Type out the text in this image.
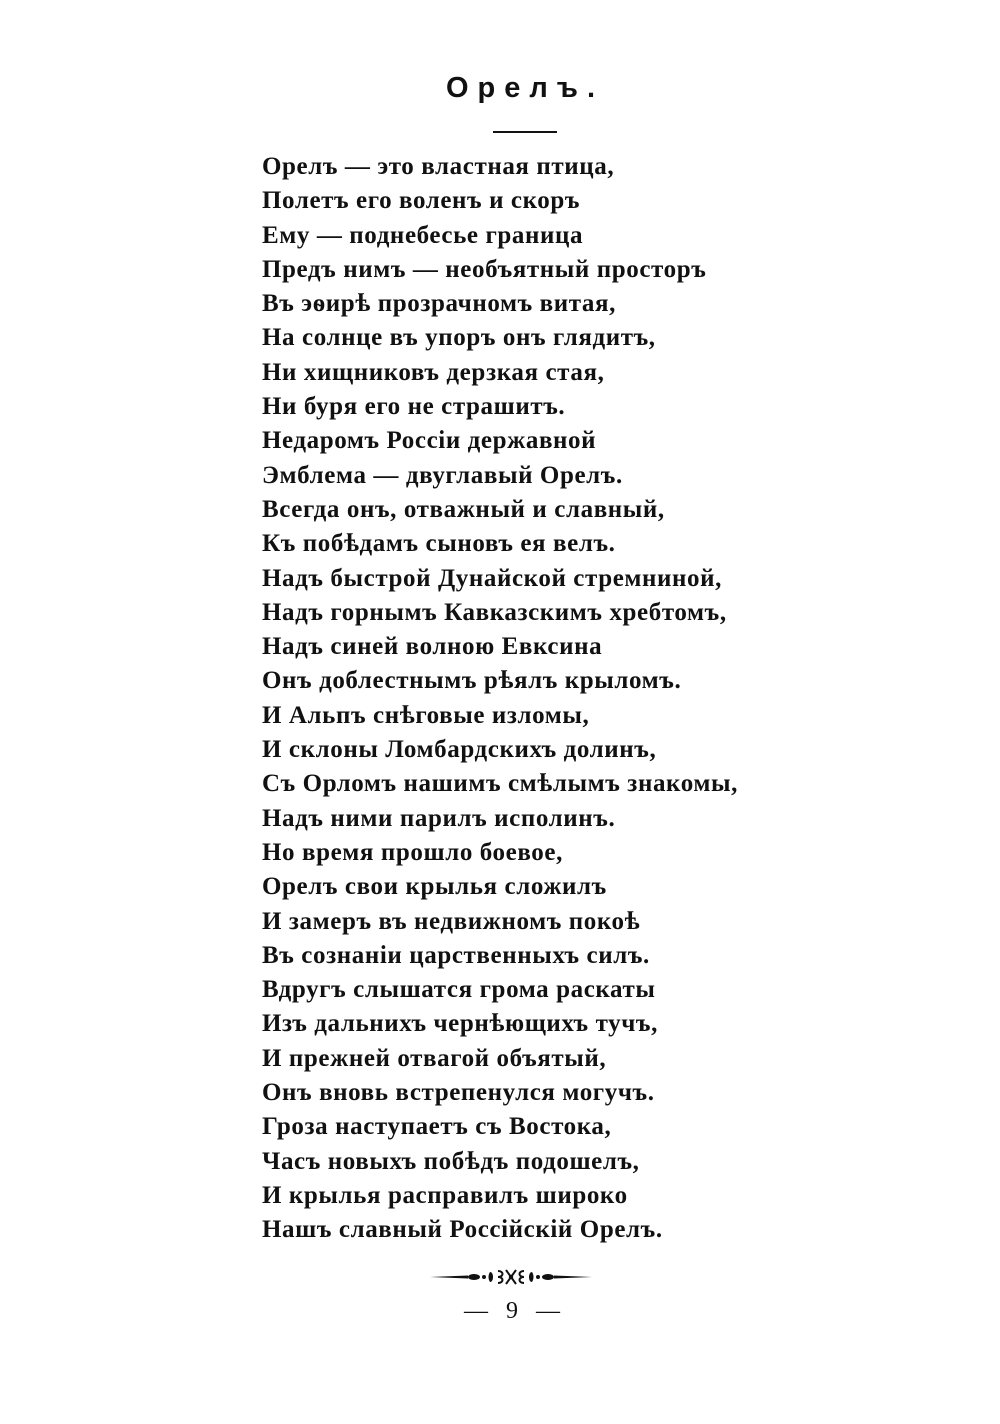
Орелъ.
Орелъ — это властная птица,
Полетъ его воленъ и скоръ
Ему — поднебесье граница
Предъ нимъ — необъятный просторъ
Въ эѳирѣ прозрачномъ витая,
На солнце въ упоръ онъ глядитъ,
Ни хищниковъ дерзкая стая,
Ни буря его не страшитъ.
Недаромъ Россіи державной
Эмблема — двуглавый Орелъ.
Всегда онъ, отважный и славный,
Къ побѣдамъ сыновъ ея велъ.
Надъ быстрой Дунайской стремниной,
Надъ горнымъ Кавказскимъ хребтомъ,
Надъ синей волною Евксина
Онъ доблестнымъ рѣялъ крыломъ.
И Альпъ снѣговые изломы,
И склоны Ломбардскихъ долинъ,
Съ Орломъ нашимъ смѣлымъ знакомы,
Надъ ними парилъ исполинъ.
Но время прошло боевое,
Орелъ свои крылья сложилъ
И замеръ въ недвижномъ покоѣ
Въ сознаніи царственныхъ силъ.
Вдругъ слышатся грома раскаты
Изъ дальнихъ чернѣющихъ тучъ,
И прежней отвагой объятый,
Онъ вновь встрепенулся могучъ.
Гроза наступаетъ съ Востока,
Часъ новыхъ побѣдъ подошелъ,
И крылья расправилъ широко
Нашъ славный Россійскій Орелъ.
— 9 —
